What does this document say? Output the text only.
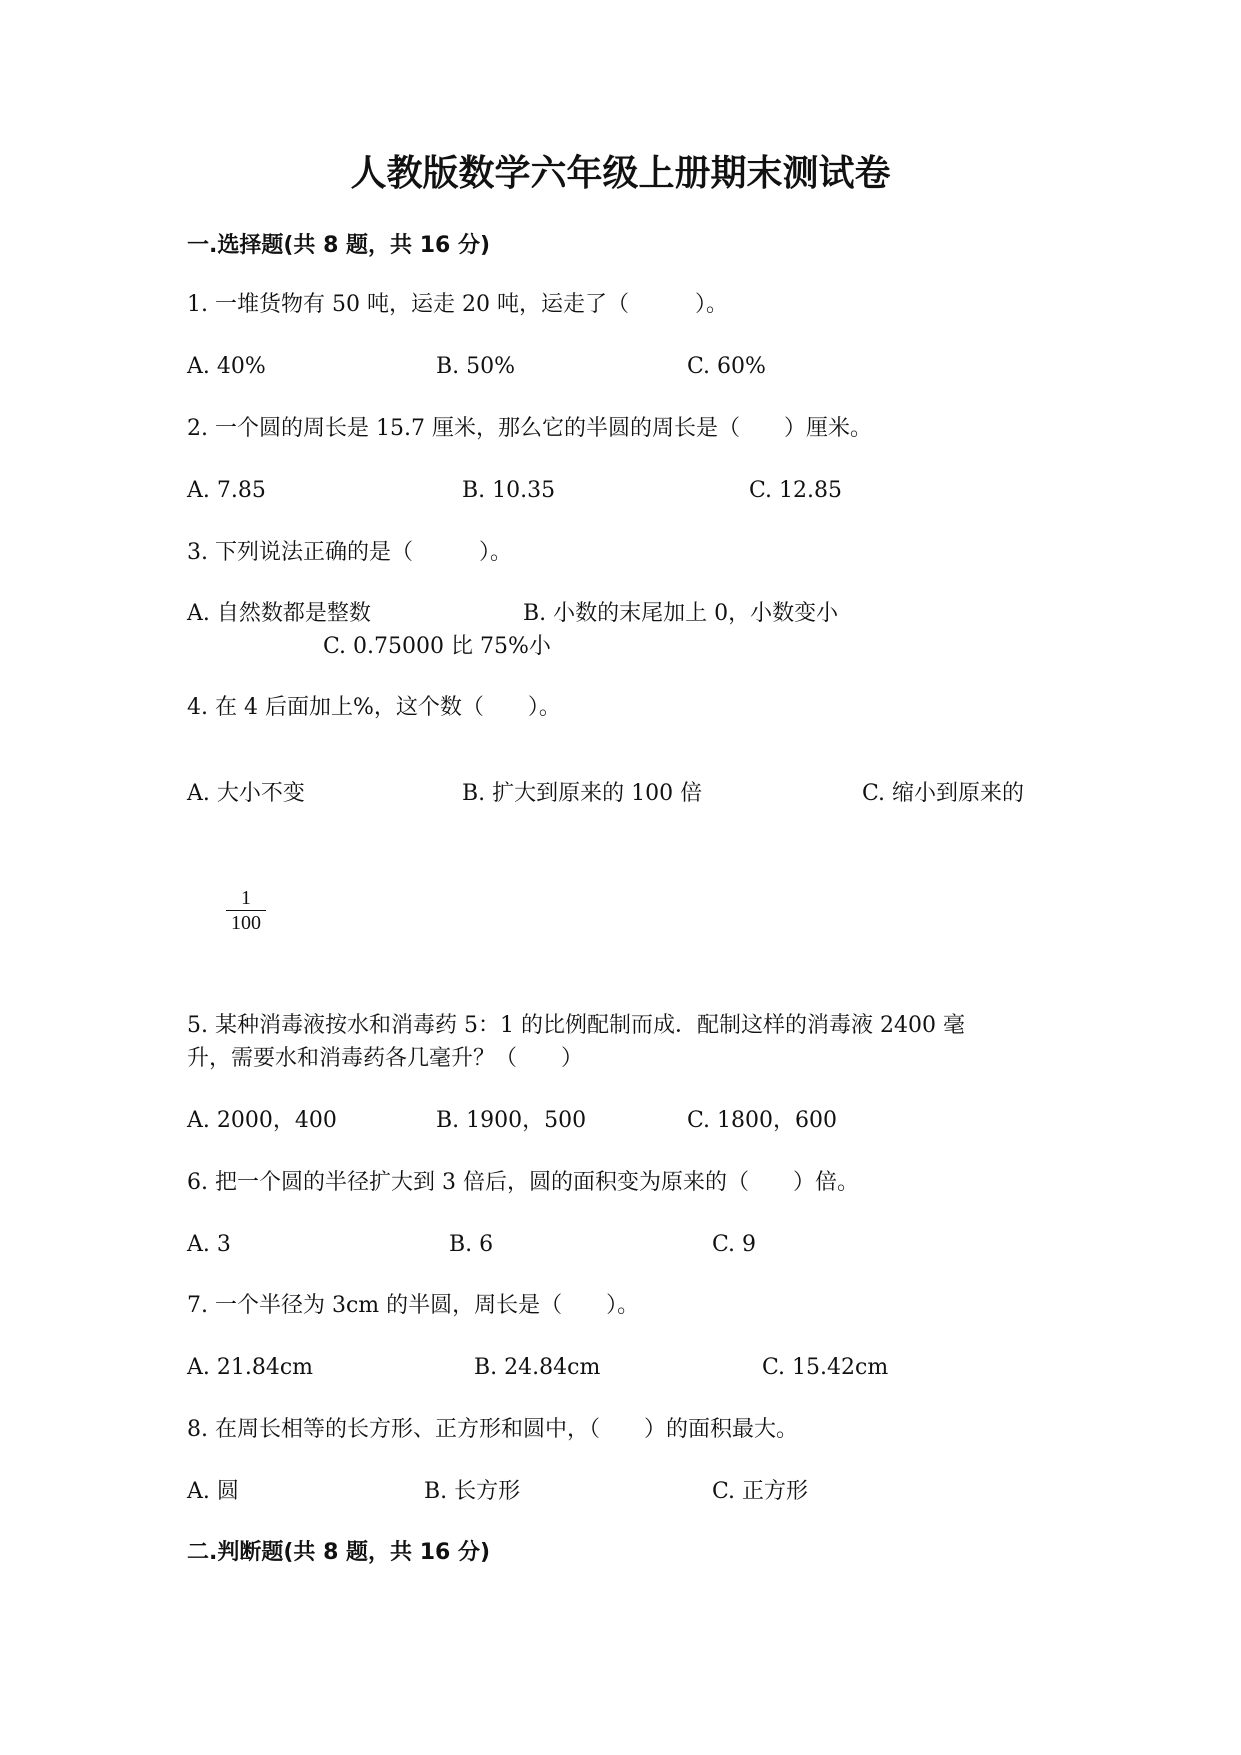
人教版数学六年级上册期末测试卷
一.选择题(共 8 题，共 16 分)
1. 一堆货物有 50 吨，运走 20 吨，运走了（　　　）。
A. 40%	B. 50%	C. 60%
2. 一个圆的周长是 15.7 厘米，那么它的半圆的周长是（　　）厘米。
A. 7.85	B. 10.35	C. 12.85
3. 下列说法正确的是（　　　）。
A. 自然数都是整数	B. 小数的末尾加上 0，小数变小
C. 0.75000 比 75%小
4. 在 4 后面加上%，这个数（　　）。
A. 大小不变	B. 扩大到原来的 100 倍	C. 缩小到原来的
1
100
5. 某种消毒液按水和消毒药 5：1 的比例配制而成．配制这样的消毒液 2400 毫
升，需要水和消毒药各几毫升？（　　）
A. 2000，400	B. 1900，500	C. 1800，600
6. 把一个圆的半径扩大到 3 倍后，圆的面积变为原来的（　　）倍。
A. 3	B. 6	C. 9
7. 一个半径为 3cm 的半圆，周长是（　　）。
A. 21.84cm	B. 24.84cm	C. 15.42cm
8. 在周长相等的长方形、正方形和圆中，（　　）的面积最大。
A. 圆	B. 长方形	C. 正方形
二.判断题(共 8 题，共 16 分)
